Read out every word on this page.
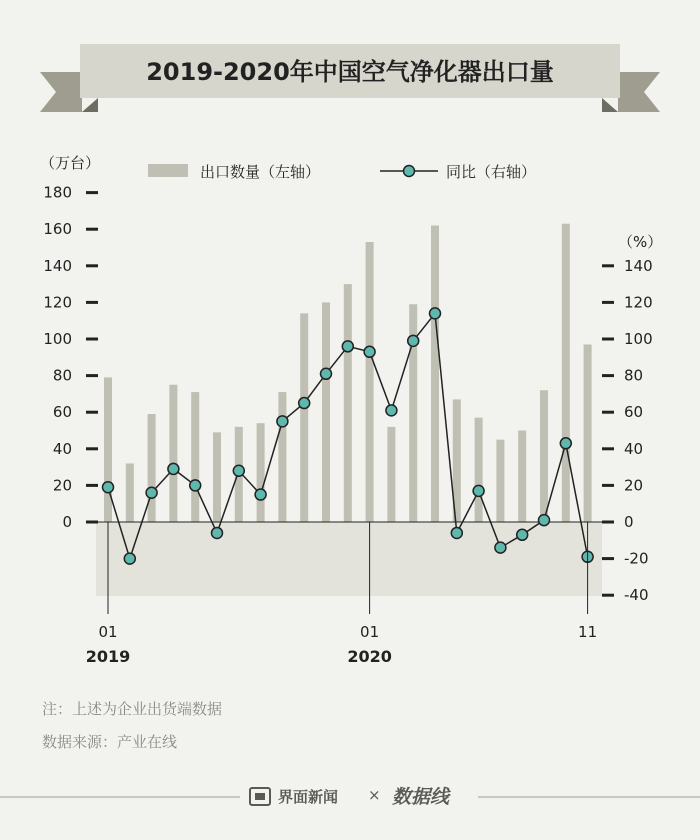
2019-2020年中国空气净化器出口量
出口数量（左轴）	同比（右轴）
（万台）
（%）
0
20
40
60
80
100
120
140
160
180
-40
-20
0
20
40
60
80
100
120
140
01	01	11
2019	2020
注：上述为企业出货端数据
数据来源：产业在线
界面新闻 × 数据线
